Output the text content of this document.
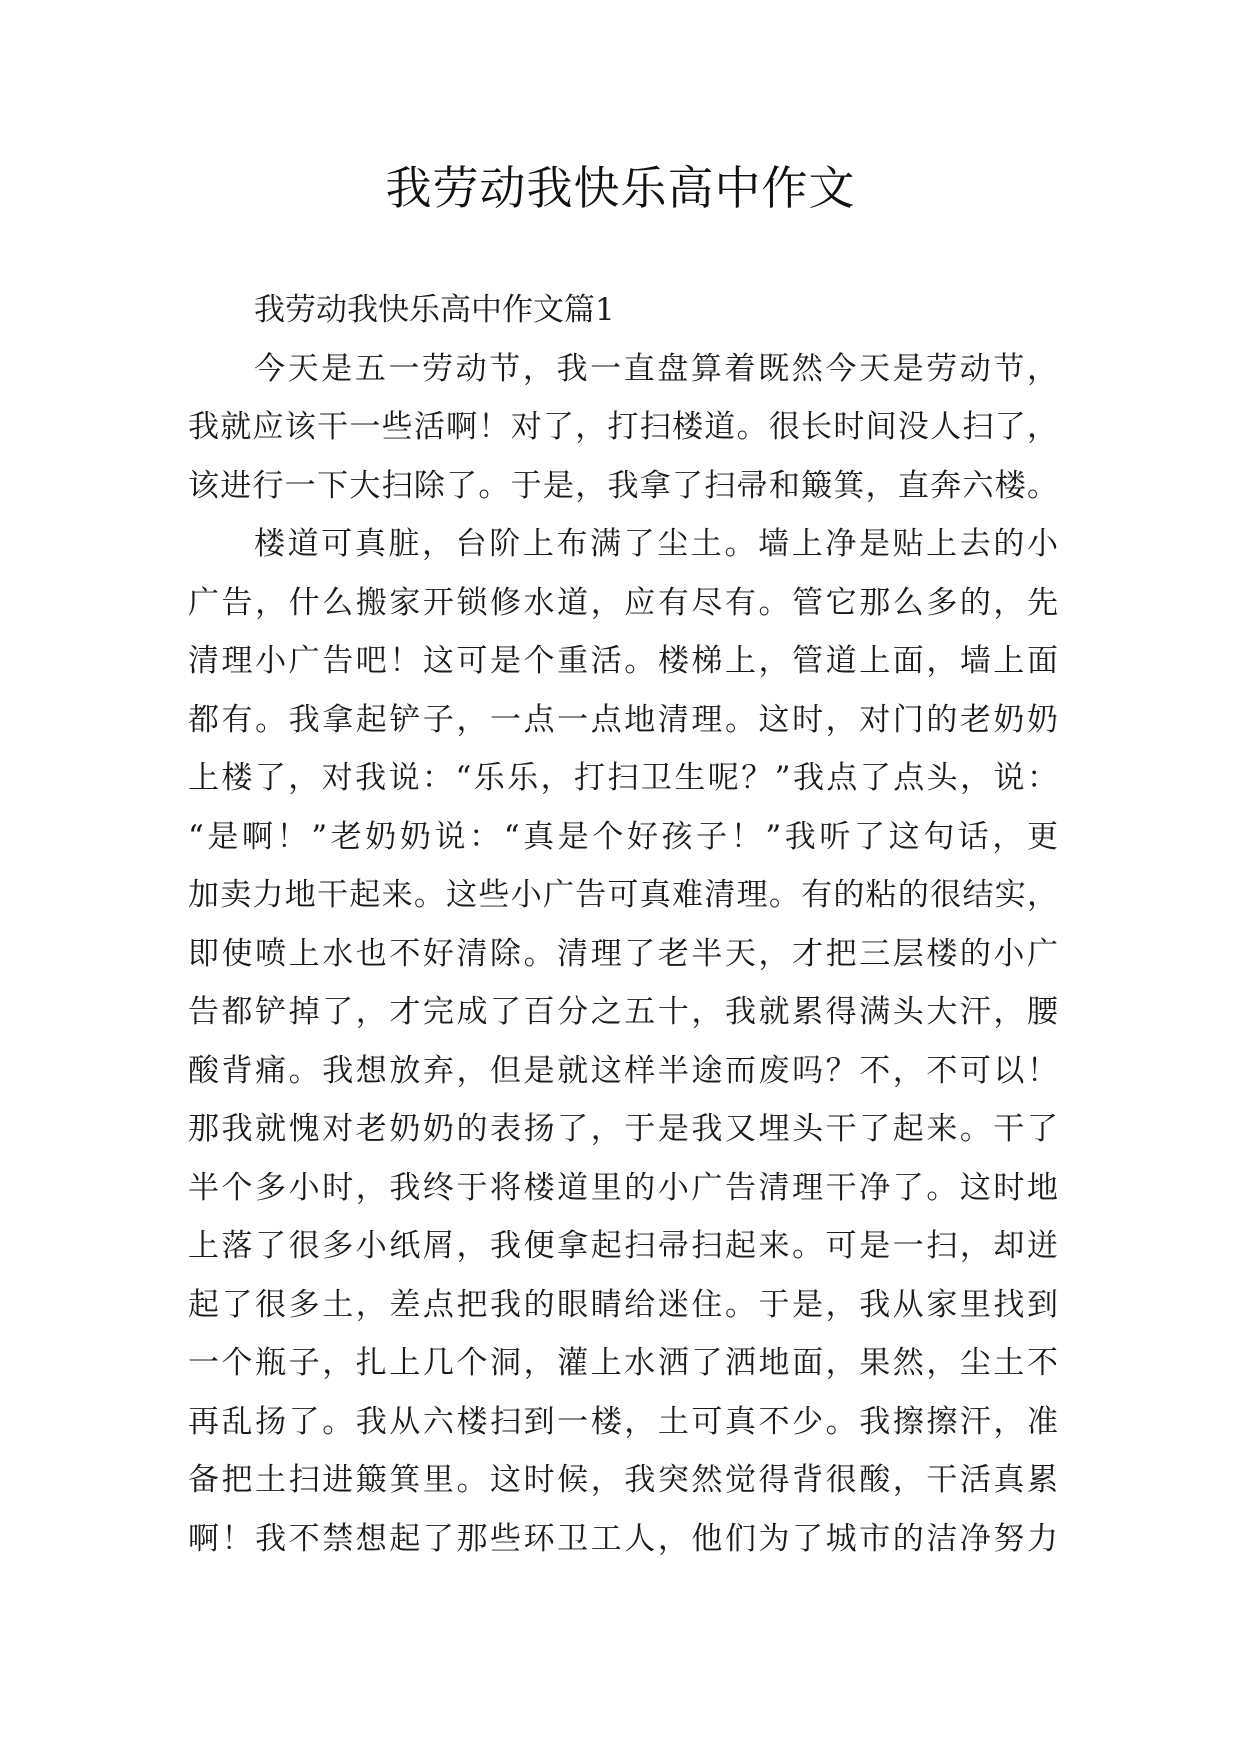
我劳动我快乐高中作文

我劳动我快乐高中作文篇1

今天是五一劳动节，我一直盘算着既然今天是劳动节，
我就应该干一些活啊！对了，打扫楼道。很长时间没人扫了，
该进行一下大扫除了。于是，我拿了扫帚和簸箕，直奔六楼。
楼道可真脏，台阶上布满了尘土。墙上净是贴上去的小
广告，什么搬家开锁修水道，应有尽有。管它那么多的，先
清理小广告吧！这可是个重活。楼梯上，管道上面，墙上面
都有。我拿起铲子，一点一点地清理。这时，对门的老奶奶
上楼了，对我说：“乐乐，打扫卫生呢？”我点了点头，说：
“是啊！”老奶奶说：“真是个好孩子！”我听了这句话，更
加卖力地干起来。这些小广告可真难清理。有的粘的很结实，
即使喷上水也不好清除。清理了老半天，才把三层楼的小广
告都铲掉了，才完成了百分之五十，我就累得满头大汗，腰
酸背痛。我想放弃，但是就这样半途而废吗？不，不可以！
那我就愧对老奶奶的表扬了，于是我又埋头干了起来。干了
半个多小时，我终于将楼道里的小广告清理干净了。这时地
上落了很多小纸屑，我便拿起扫帚扫起来。可是一扫，却迸
起了很多土，差点把我的眼睛给迷住。于是，我从家里找到
一个瓶子，扎上几个洞，灌上水洒了洒地面，果然，尘土不
再乱扬了。我从六楼扫到一楼，土可真不少。我擦擦汗，准
备把土扫进簸箕里。这时候，我突然觉得背很酸，干活真累
啊！我不禁想起了那些环卫工人，他们为了城市的洁净努力
